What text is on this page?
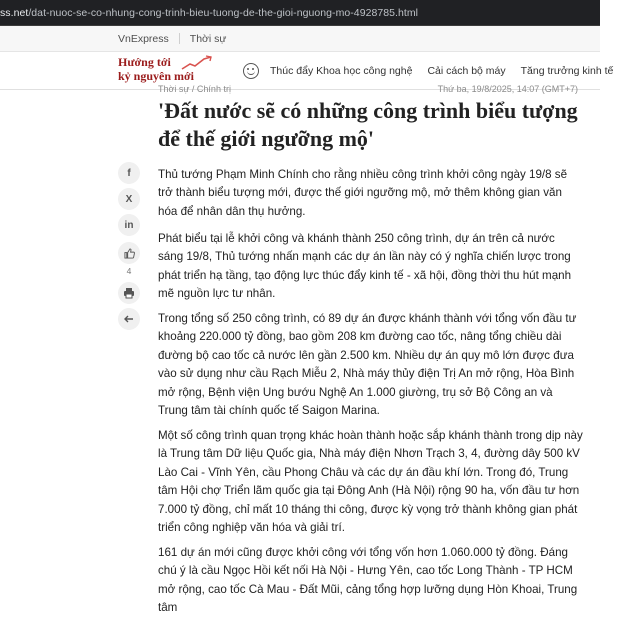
ss.net/dat-nuoc-se-co-nhung-cong-trinh-bieu-tuong-de-the-gioi-nguong-mo-4928785.html
VnExpress Thời sự
Hướng tới
kỷ nguyên mới	Thúc đẩy Khoa học công nghệ Cải cách bộ máy Tăng trưởng kinh tế
Thời sự / Chính trị	Thứ ba, 19/8/2025, 14:07 (GMT+7)
'Đất nước sẽ có những công trình biểu tượng để thế giới ngưỡng mộ'

Thủ tướng Phạm Minh Chính cho rằng nhiều công trình khởi công ngày 19/8 sẽ trở thành biểu tượng mới, được thế giới ngưỡng mộ, mở thêm không gian văn hóa để nhân dân thụ hưởng.

Phát biểu tại lễ khởi công và khánh thành 250 công trình, dự án trên cả nước sáng 19/8, Thủ tướng nhấn mạnh các dự án lần này có ý nghĩa chiến lược trong phát triển hạ tầng, tạo động lực thúc đẩy kinh tế - xã hội, đồng thời thu hút mạnh mẽ nguồn lực tư nhân.

Trong tổng số 250 công trình, có 89 dự án được khánh thành với tổng vốn đầu tư khoảng 220.000 tỷ đồng, bao gồm 208 km đường cao tốc, nâng tổng chiều dài đường bộ cao tốc cả nước lên gần 2.500 km. Nhiều dự án quy mô lớn được đưa vào sử dụng như cầu Rạch Miễu 2, Nhà máy thủy điện Trị An mở rộng, Hòa Bình mở rộng, Bệnh viện Ung bướu Nghệ An 1.000 giường, trụ sở Bộ Công an và Trung tâm tài chính quốc tế Saigon Marina.

Một số công trình quan trọng khác hoàn thành hoặc sắp khánh thành trong dịp này là Trung tâm Dữ liệu Quốc gia, Nhà máy điện Nhơn Trạch 3, 4, đường dây 500 kV Lào Cai - Vĩnh Yên, cầu Phong Châu và các dự án đầu khí lớn. Trong đó, Trung tâm Hội chợ Triển lãm quốc gia tại Đông Anh (Hà Nội) rộng 90 ha, vốn đầu tư hơn 7.000 tỷ đồng, chỉ mất 10 tháng thi công, được kỳ vọng trở thành không gian phát triển công nghiệp văn hóa và giải trí.

161 dự án mới cũng được khởi công với tổng vốn hơn 1.060.000 tỷ đồng. Đáng chú ý là cầu Ngọc Hồi kết nối Hà Nội - Hưng Yên, cao tốc Long Thành - TP HCM mở rộng, cao tốc Cà Mau - Đất Mũi, cảng tổng hợp lưỡng dụng Hòn Khoai, Trung tâm

f
X
in
4
